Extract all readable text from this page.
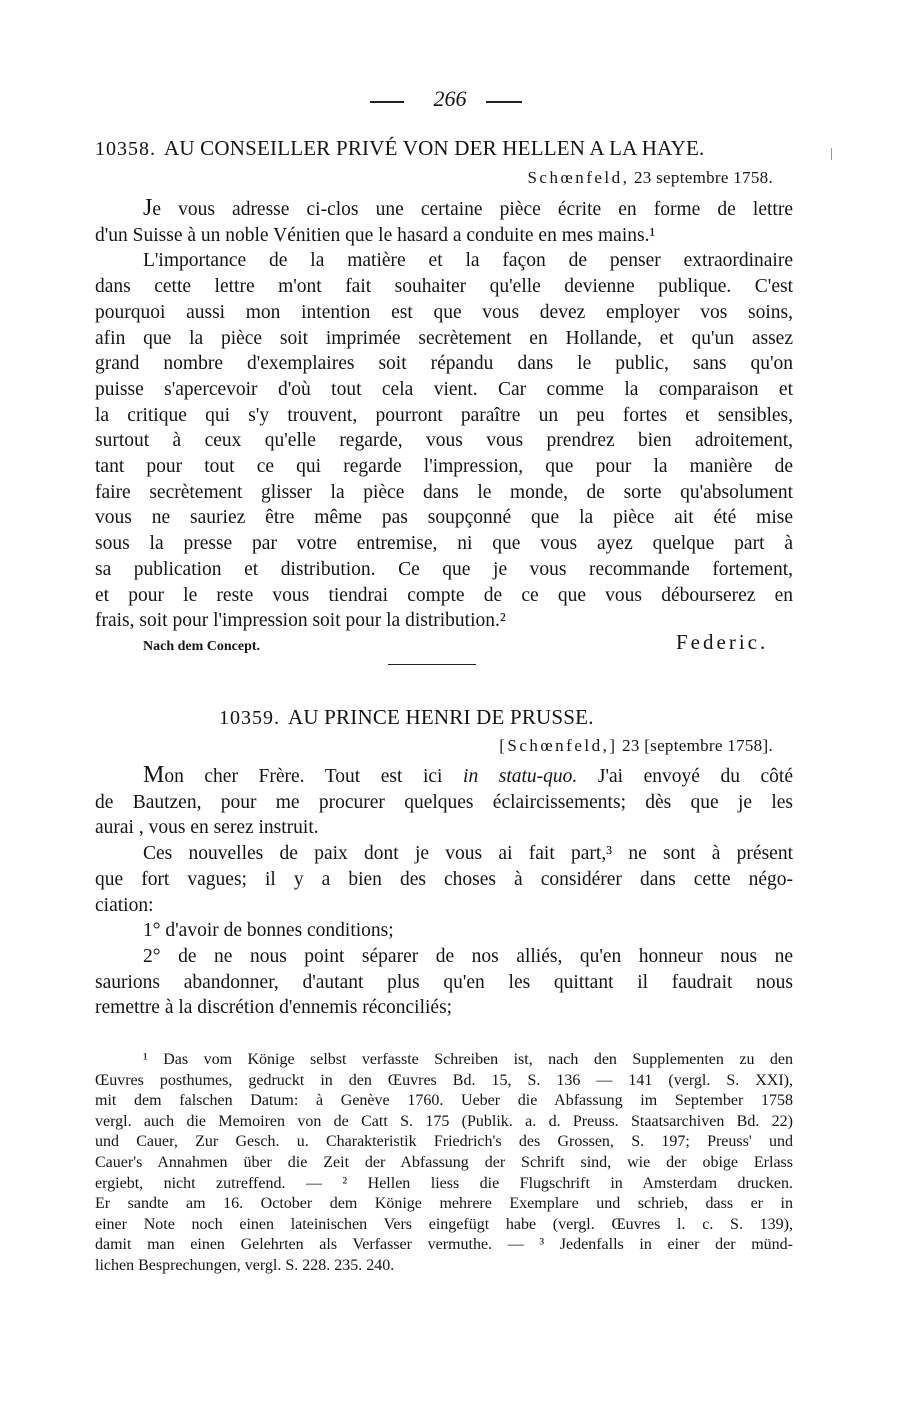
266
10358. AU CONSEILLER PRIVÉ VON DER HELLEN A LA HAYE.
Schœnfeld, 23 septembre 1758.
Je vous adresse ci-clos une certaine pièce écrite en forme de lettre
d'un Suisse à un noble Vénitien que le hasard a conduite en mes mains.¹
L'importance de la matière et la façon de penser extraordinaire
dans cette lettre m'ont fait souhaiter qu'elle devienne publique. C'est
pourquoi aussi mon intention est que vous devez employer vos soins,
afin que la pièce soit imprimée secrètement en Hollande, et qu'un assez
grand nombre d'exemplaires soit répandu dans le public, sans qu'on
puisse s'apercevoir d'où tout cela vient. Car comme la comparaison et
la critique qui s'y trouvent, pourront paraître un peu fortes et sensibles,
surtout à ceux qu'elle regarde, vous vous prendrez bien adroitement,
tant pour tout ce qui regarde l'impression, que pour la manière de
faire secrètement glisser la pièce dans le monde, de sorte qu'absolument
vous ne sauriez être même pas soupçonné que la pièce ait été mise
sous la presse par votre entremise, ni que vous ayez quelque part à
sa publication et distribution. Ce que je vous recommande fortement,
et pour le reste vous tiendrai compte de ce que vous débourserez en
frais, soit pour l'impression soit pour la distribution.²
Nach dem Concept.	Federic.
10359. AU PRINCE HENRI DE PRUSSE.
[Schœnfeld,] 23 [septembre 1758].
Mon cher Frère. Tout est ici in statu-quo. J'ai envoyé du côté
de Bautzen, pour me procurer quelques éclaircissements; dès que je les
aurai , vous en serez instruit.
Ces nouvelles de paix dont je vous ai fait part,³ ne sont à présent
que fort vagues; il y a bien des choses à considérer dans cette négo-
ciation:
1° d'avoir de bonnes conditions;
2° de ne nous point séparer de nos alliés, qu'en honneur nous ne
saurions abandonner, d'autant plus qu'en les quittant il faudrait nous
remettre à la discrétion d'ennemis réconciliés;
¹ Das vom Könige selbst verfasste Schreiben ist, nach den Supplementen zu den
Œuvres posthumes, gedruckt in den Œuvres Bd. 15, S. 136 — 141 (vergl. S. XXI),
mit dem falschen Datum: à Genève 1760. Ueber die Abfassung im September 1758
vergl. auch die Memoiren von de Catt S. 175 (Publik. a. d. Preuss. Staatsarchiven Bd. 22)
und Cauer, Zur Gesch. u. Charakteristik Friedrich's des Grossen, S. 197; Preuss' und
Cauer's Annahmen über die Zeit der Abfassung der Schrift sind, wie der obige Erlass
ergiebt, nicht zutreffend. — ² Hellen liess die Flugschrift in Amsterdam drucken.
Er sandte am 16. October dem Könige mehrere Exemplare und schrieb, dass er in
einer Note noch einen lateinischen Vers eingefügt habe (vergl. Œuvres l. c. S. 139),
damit man einen Gelehrten als Verfasser vermuthe. — ³ Jedenfalls in einer der münd-
lichen Besprechungen, vergl. S. 228. 235. 240.
